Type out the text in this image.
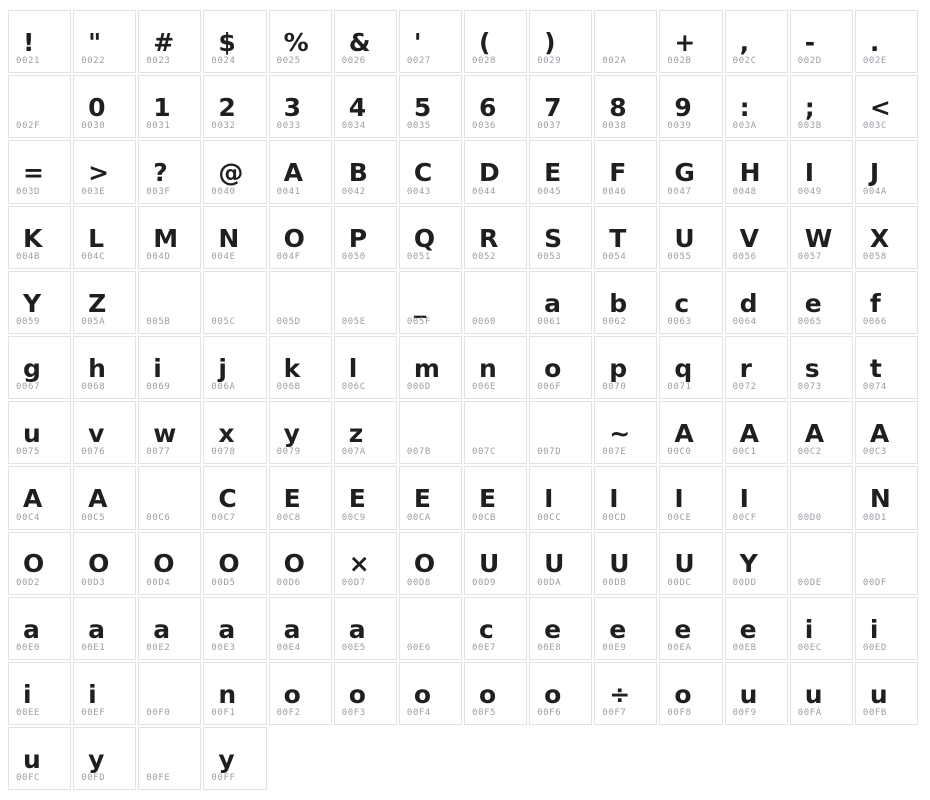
!
0021
"
0022
#
0023
$
0024
%
0025
&
0026
'
0027
(
0028
)
0029	002A
+
002B
,
002C
-
002D
.
002E
002F
0
0030
1
0031
2
0032
3
0033
4
0034
5
0035
6
0036
7
0037
8
0038
9
0039
:
003A
;
003B
<
003C
=
003D
>
003E
?
003F
@
0040
A
0041
B
0042
C
0043
D
0044
E
0045
F
0046
G
0047
H
0048
I
0049
J
004A
K
004B
L
004C
M
004D
N
004E
O
004F
P
0050
Q
0051
R
0052
S
0053
T
0054
U
0055
V
0056
W
0057
X
0058
Y
0059
Z
005A	005B	005C	005D	005E
_
005F	0060
a
0061
b
0062
c
0063
d
0064
e
0065
f
0066
g
0067
h
0068
i
0069
j
006A
k
006B
l
006C
m
006D
n
006E
o
006F
p
0070
q
0071
r
0072
s
0073
t
0074
u
0075
v
0076
w
0077
x
0078
y
0079
z
007A	007B	007C	007D
~
007E
A
00C0
A
00C1
A
00C2
A
00C3
A
00C4
A
00C5	00C6
C
00C7
E
00C8
E
00C9
E
00CA
E
00CB
I
00CC
I
00CD
I
00CE
I
00CF	00D0
N
00D1
O
00D2
O
00D3
O
00D4
O
00D5
O
00D6
×
00D7
O
00D8
U
00D9
U
00DA
U
00DB
U
00DC
Y
00DD	00DE	00DF
a
00E0
a
00E1
a
00E2
a
00E3
a
00E4
a
00E5	00E6
c
00E7
e
00E8
e
00E9
e
00EA
e
00EB
i
00EC
i
00ED
i
00EE
i
00EF	00F0
n
00F1
o
00F2
o
00F3
o
00F4
o
00F5
o
00F6
÷
00F7
o
00F8
u
00F9
u
00FA
u
00FB
u
00FC
y
00FD	00FE
y
00FF
